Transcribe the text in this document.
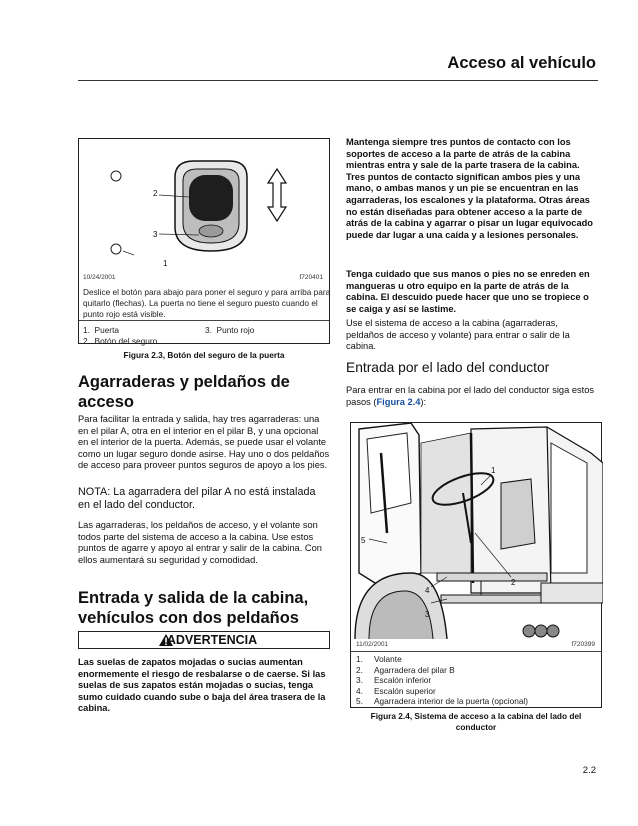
Acceso al vehículo
2
3
1
10/24/2001	f720401
Deslice el botón para abajo para poner el seguro y para arriba para quitarlo (flechas). La puerta no tiene el seguro puesto cuando el punto rojo está visible.
1. Puerta	3. Punto rojo
2. Botón del seguro
Figura 2.3, Botón del seguro de la puerta
Agarraderas y peldaños de
acceso
Para facilitar la entrada y salida, hay tres agarraderas: una en el pilar A, otra en el interior en el pilar B, y una opcional en el interior de la puerta. Además, se puede usar el volante como un lugar seguro donde asirse. Hay uno o dos peldaños de acceso para proveer puntos seguros de apoyo a los pies.
NOTA: La agarradera del pilar A no está instalada en el lado del conductor.
Las agarraderas, los peldaños de acceso, y el volante son todos parte del sistema de acceso a la cabina. Use estos puntos de agarre y apoyo al entrar y salir de la cabina. Con ellos aumentará su seguridad y comodidad.
Entrada y salida de la cabina,
vehículos con dos peldaños
ADVERTENCIA
Las suelas de zapatos mojadas o sucias aumentan enormemente el riesgo de resbalarse o de caerse. Si las suelas de sus zapatos están mojadas o sucias, tenga sumo cuidado cuando sube o baja del área trasera de la cabina.
Mantenga siempre tres puntos de contacto con los soportes de acceso a la parte de atrás de la cabina mientras entra y sale de la parte trasera de la cabina. Tres puntos de contacto significan ambos pies y una mano, o ambas manos y un pie se encuentran en las agarraderas, los escalones y la plataforma. Otras áreas no están diseñadas para obtener acceso a la parte de atrás de la cabina y agarrar o pisar un lugar equivocado puede dar lugar a una caída y a lesiones personales.
Tenga cuidado que sus manos o pies no se enreden en mangueras u otro equipo en la parte de atrás de la cabina. El descuido puede hacer que uno se tropiece o se caiga y así se lastime.
Use el sistema de acceso a la cabina (agarraderas, peldaños de acceso y volante) para entrar o salir de la cabina.
Entrada por el lado del conductor
Para entrar en la cabina por el lado del conductor siga estos pasos (Figura 2.4):
1
2
3
4
5
11/02/2001	f720399
1.	Volante
2.	Agarradera del pilar B
3.	Escalón inferior
4.	Escalón superior
5.	Agarradera interior de la puerta (opcional)
Figura 2.4, Sistema de acceso a la cabina del lado del conductor
2.2
